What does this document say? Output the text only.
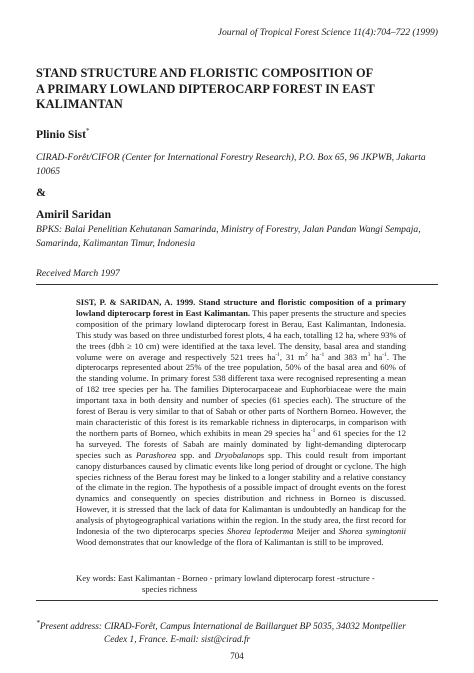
Journal of Tropical Forest Science 11(4):704–722 (1999)
STAND STRUCTURE AND FLORISTIC COMPOSITION OF
A PRIMARY LOWLAND DIPTEROCARP FOREST IN EAST
KALIMANTAN
Plinio Sist*
CIRAD-Forêt/CIFOR (Center for International Forestry Research), P.O. Box 65, 96 JKPWB, Jakarta
10065
&
Amiril Saridan
BPKS: Balai Penelitian Kehutanan Samarinda, Ministry of Forestry, Jalan Pandan Wangi Sempaja,
Samarinda, Kalimantan Timur, Indonesia
Received March 1997
SIST, P. & SARIDAN, A. 1999. Stand structure and floristic composition of a primary lowland dipterocarp forest in East Kalimantan. This paper presents the structure and species composition of the primary lowland dipterocarp forest in Berau, East Kalimantan, Indonesia. This study was based on three undisturbed forest plots, 4 ha each, totalling 12 ha, where 93% of the trees (dbh ≥ 10 cm) were identified at the taxa level. The density, basal area and standing volume were on average and respectively 521 trees $ha^{-1}$, 31 $m^2$ $ha^{-1}$ and 383 $m^3$ $ha^{-1}$. The dipterocarps represented about 25% of the tree population, 50% of the basal area and 60% of the standing volume. In primary forest 538 different taxa were recognised representing a mean of 182 tree species per ha. The families Dipterocarpaceae and Euphorbiaceae were the main important taxa in both density and number of species (61 species each). The structure of the forest of Berau is very similar to that of Sabah or other parts of Northern Borneo. However, the main characteristic of this forest is its remarkable richness in dipterocarps, in comparison with the northern parts of Borneo, which exhibits in mean 29 species $ha^{-1}$ and 61 species for the 12 ha surveyed. The forests of Sabah are mainly dominated by light-demanding dipterocarp species such as Parashorea spp. and Dryobalanops spp. This could result from important canopy disturbances caused by climatic events like long period of drought or cyclone. The high species richness of the Berau forest may be linked to a longer stability and a relative constancy of the climate in the region. The hypothesis of a possible impact of drought events on the forest dynamics and consequently on species distribution and richness in Borneo is discussed. However, it is stressed that the lack of data for Kalimantan is undoubtedly an handicap for the analysis of phytogeographical variations within the region. In the study area, the first record for Indonesia of the two dipterocarps species Shorea leptoderma Meijer and Shorea symingtonii Wood demonstrates that our knowledge of the flora of Kalimantan is still to be improved.
Key words: East Kalimantan - Borneo - primary lowland dipterocarp forest -structure -
species richness
*Present address: CIRAD-Forêt, Campus International de Baillarguet BP 5035, 34032 Montpellier
Cedex 1, France. E-mail: sist@cirad.fr
704
